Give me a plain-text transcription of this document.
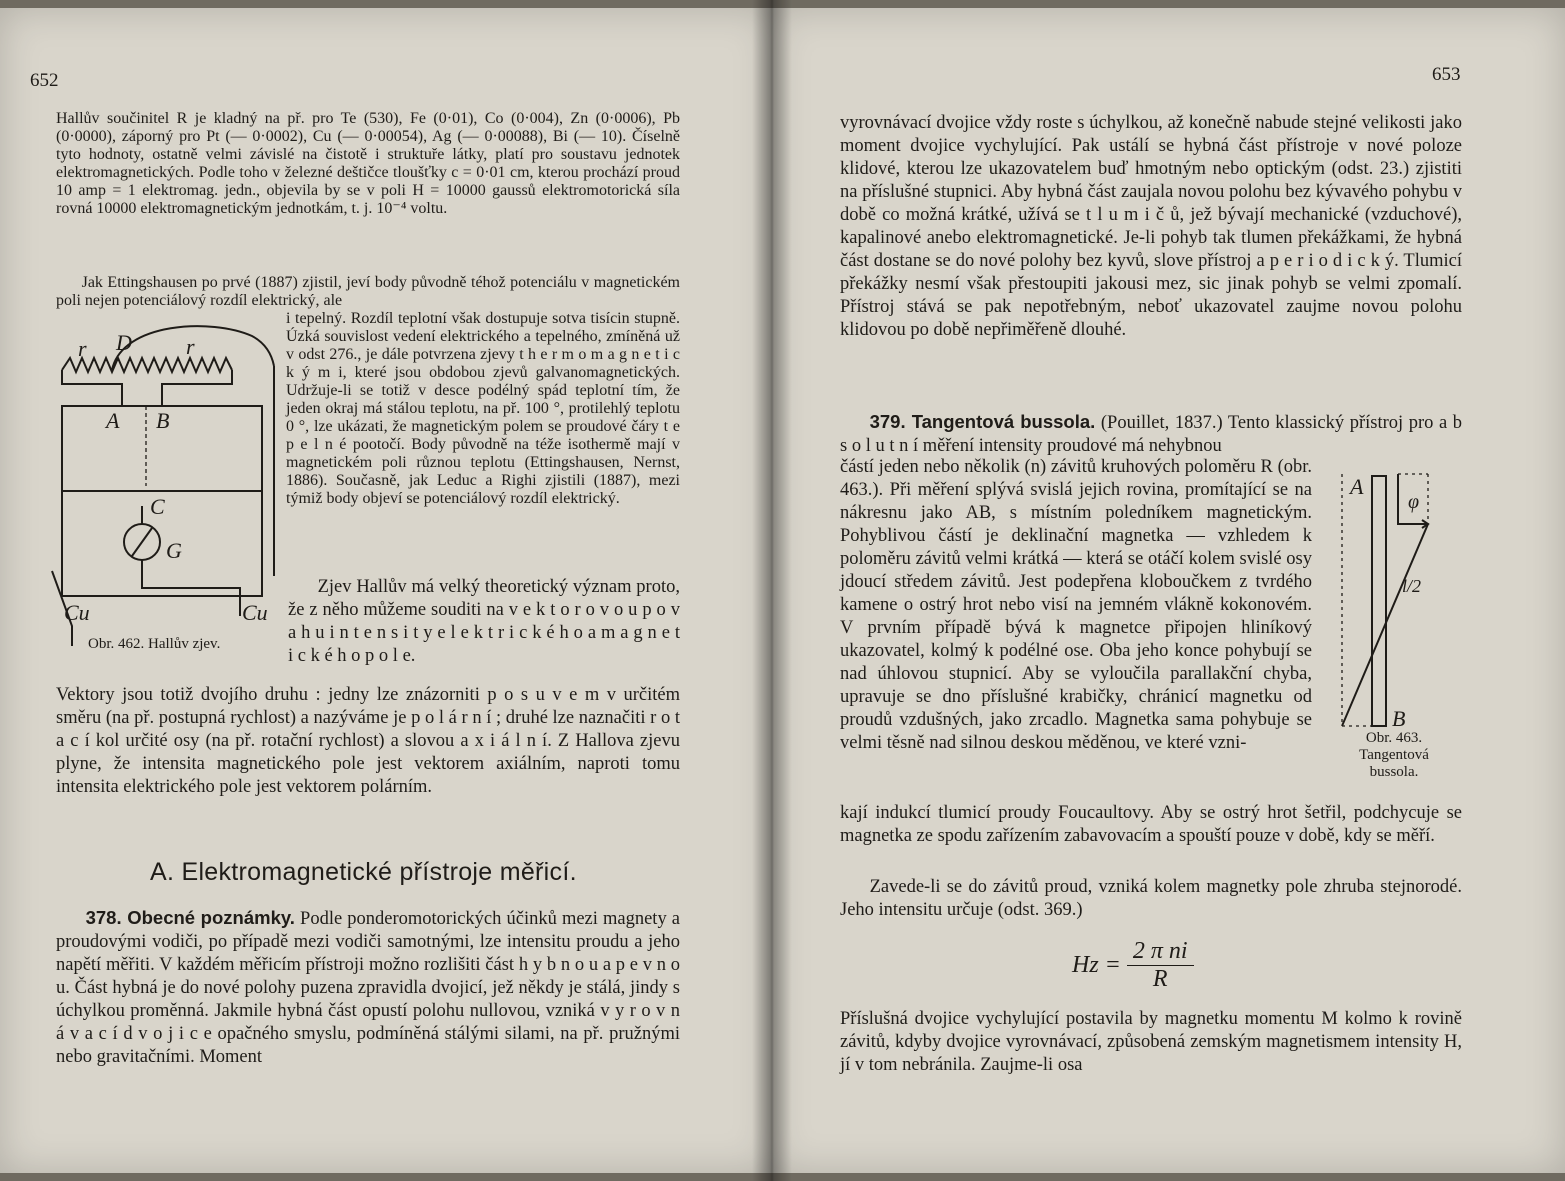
652

Hallův součinitel R je kladný na př. pro Te (530), Fe (0·01), Co (0·004), Zn (0·0006), Pb (0·0000), záporný pro Pt (— 0·0002), Cu (— 0·00054), Ag (— 0·00088), Bi (— 10). Číselně tyto hodnoty, ostatně velmi závislé na čistotě i struktuře látky, platí pro soustavu jednotek elektromagnetických. Podle toho v železné deštičce tloušťky c = 0·01 cm, kterou prochází proud 10 amp = 1 elektromag. jedn., objevila by se v poli H = 10000 gaussů elektromotorická síla rovná 10000 elektromagnetickým jednotkám, t. j. 10⁻⁴ voltu.

Jak Ettingshausen po prvé (1887) zjistil, jeví body původně téhož potenciálu v magnetickém poli nejen potenciálový rozdíl elektrický, ale

r D r
A B
C
G
Cu	Cu
Obr. 462. Hallův zjev.

i tepelný. Rozdíl teplotní však dostupuje sotva tisícin stupně. Úzká souvislost vedení elektrického a tepelného, zmíněná už v odst 276., je dále potvrzena zjevy t h e r m o m a g n e t i c k ý m i, které jsou obdobou zjevů galvanomagnetických. Udržuje-li se totiž v desce podélný spád teplotní tím, že jeden okraj má stálou teplotu, na př. 100 °, protilehlý teplotu 0 °, lze ukázati, že magnetickým polem se proudové čáry t e p e l n é pootočí. Body původně na téže isothermě mají v magnetickém poli různou teplotu (Ettingshausen, Nernst, 1886). Současně, jak Leduc a Righi zjistili (1887), mezi týmiž body objeví se potenciálový rozdíl elektrický.

Zjev Hallův má velký theoretický význam proto, že z něho můžeme souditi na v e k t o r o v o u p o v a h u i n t e n s i t y e l e k t r i c k é h o a m a g n e t i c k é h o p o l e.

Vektory jsou totiž dvojího druhu : jedny lze znázorniti p o s u v e m v určitém směru (na př. postupná rychlost) a nazýváme je p o l á r n í ; druhé lze naznačiti r o t a c í kol určité osy (na př. rotační rychlost) a slovou a x i á l n í. Z Hallova zjevu plyne, že intensita magnetického pole jest vektorem axiálním, naproti tomu intensita elektrického pole jest vektorem polárním.

A. Elektromagnetické přístroje měřicí.

378. Obecné poznámky. Podle ponderomotorických účinků mezi magnety a proudovými vodiči, po případě mezi vodiči samotnými, lze intensitu proudu a jeho napětí měřiti. V každém měřicím přístroji možno rozlišiti část h y b n o u a p e v n o u. Část hybná je do nové polohy puzena zpravidla dvojicí, jež někdy je stálá, jindy s úchylkou proměnná. Jakmile hybná část opustí polohu nullovou, vzniká v y r o v n á v a c í d v o j i c e opačného smyslu, podmíněná stálými silami, na př. pružnými nebo gravitačními. Moment

653

vyrovnávací dvojice vždy roste s úchylkou, až konečně nabude stejné velikosti jako moment dvojice vychylující. Pak ustálí se hybná část přístroje v nové poloze klidové, kterou lze ukazovatelem buď hmotným nebo optickým (odst. 23.) zjistiti na příslušné stupnici. Aby hybná část zaujala novou polohu bez kývavého pohybu v době co možná krátké, užívá se t l u m i č ů, jež bývají mechanické (vzduchové), kapalinové anebo elektromagnetické. Je-li pohyb tak tlumen překážkami, že hybná část dostane se do nové polohy bez kyvů, slove přístroj a p e r i o d i c k ý. Tlumicí překážky nesmí však přestoupiti jakousi mez, sic jinak pohyb se velmi zpomalí. Přístroj stává se pak nepotřebným, neboť ukazovatel zaujme novou polohu klidovou po době nepřiměřeně dlouhé.

379. Tangentová bussola. (Pouillet, 1837.) Tento klassický přístroj pro a b s o l u t n í měření intensity proudové má nehybnou

částí jeden nebo několik (n) závitů kruhových poloměru R (obr. 463.). Při měření splývá svislá jejich rovina, promítající se na nákresnu jako AB, s místním poledníkem magnetickým. Pohyblivou částí je deklinační magnetka — vzhledem k poloměru závitů velmi krátká — která se otáčí kolem svislé osy jdoucí středem závitů. Jest podepřena kloboučkem z tvrdého kamene o ostrý hrot nebo visí na jemném vlákně kokonovém. V prvním případě bývá k magnetce připojen hliníkový ukazovatel, kolmý k podélné ose. Oba jeho konce pohybují se nad úhlovou stupnicí. Aby se vyloučila parallakční chyba, upravuje se dno příslušné krabičky, chránicí magnetku od proudů vzdušných, jako zrcadlo. Magnetka sama pohybuje se velmi těsně nad silnou deskou měděnou, ve které vzni-

A
B
φ
l/2
Obr. 463. Tangentová bussola.

kají indukcí tlumicí proudy Foucaultovy. Aby se ostrý hrot šetřil, podchycuje se magnetka ze spodu zařízením zabavovacím a spouští pouze v době, kdy se měří.

Zavede-li se do závitů proud, vzniká kolem magnetky pole zhruba stejnorodé. Jeho intensitu určuje (odst. 369.)

$Hz = \frac{\text{2 π ni}}{R}$

Příslušná dvojice vychylující postavila by magnetku momentu M kolmo k rovině závitů, kdyby dvojice vyrovnávací, způsobená zemským magnetismem intensity H, jí v tom nebránila. Zaujme-li osa
